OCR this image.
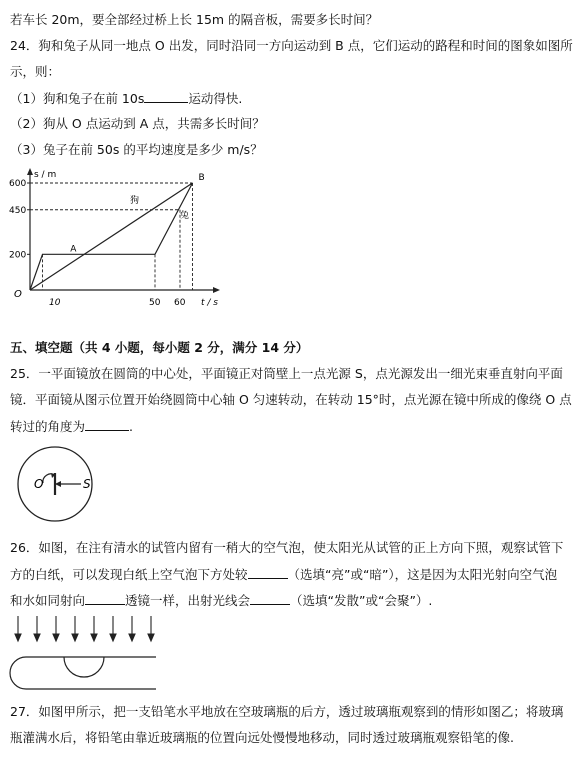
若车长 20m，要全部经过桥上长 15m 的隔音板，需要多长时间？
24．狗和兔子从同一地点 O 出发，同时沿同一方向运动到 B 点，它们运动的路程和时间的图象如图所
示，则：
（1）狗和兔子在前 10s	运动得快.
（2）狗从 O 点运动到 A 点，共需多长时间？
（3）兔子在前 50s 的平均速度是多少 m/s？
s / m
t / s
O
200
450
600
10	50 60
狗
兔
A
B
五、填空题（共 4 小题，每小题 2 分，满分 14 分）
25．一平面镜放在圆筒的中心处，平面镜正对筒壁上一点光源 S，点光源发出一细光束垂直射向平面
镜．平面镜从图示位置开始绕圆筒中心轴 O 匀速转动，在转动 15°时，点光源在镜中所成的像绕 O 点
转过的角度为	.
O	S
26．如图，在注有清水的试管内留有一稍大的空气泡，使太阳光从试管的正上方向下照，观察试管下
方的白纸，可以发现白纸上空气泡下方处较	（选填“亮”或“暗”），这是因为太阳光射向空气泡
和水如同射向	透镜一样，出射光线会	（选填“发散”或“会聚”）.
27．如图甲所示，把一支铅笔水平地放在空玻璃瓶的后方，透过玻璃瓶观察到的情形如图乙；将玻璃
瓶灌满水后，将铅笔由靠近玻璃瓶的位置向远处慢慢地移动，同时透过玻璃瓶观察铅笔的像.
